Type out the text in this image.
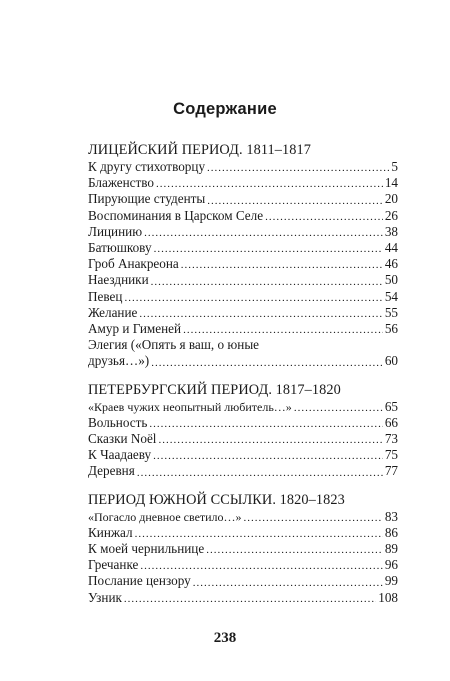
Содержание
ЛИЦЕЙСКИЙ ПЕРИОД. 1811–1817
К другу стихотворцу .....	5
Блаженство .....	14
Пирующие студенты .....	20
Воспоминания в Царском Селе .....	26
Лицинию .....	38
Батюшкову .....	44
Гроб Анакреона .....	46
Наездники .....	50
Певец .....	54
Желание .....	55
Амур и Гименей .....	56
Элегия («Опять я ваш, о юные
друзья…») .....	60
ПЕТЕРБУРГСКИЙ ПЕРИОД. 1817–1820
«Краев чужих неопытный любитель…» .....	65
Вольность .....	66
Сказки Noёl .....	73
К Чаадаеву .....	75
Деревня .....	77
ПЕРИОД ЮЖНОЙ ССЫЛКИ. 1820–1823
«Погасло дневное светило…» .....	83
Кинжал .....	86
К моей чернильнице .....	89
Гречанке .....	96
Послание цензору .....	99
Узник .....	108
238
